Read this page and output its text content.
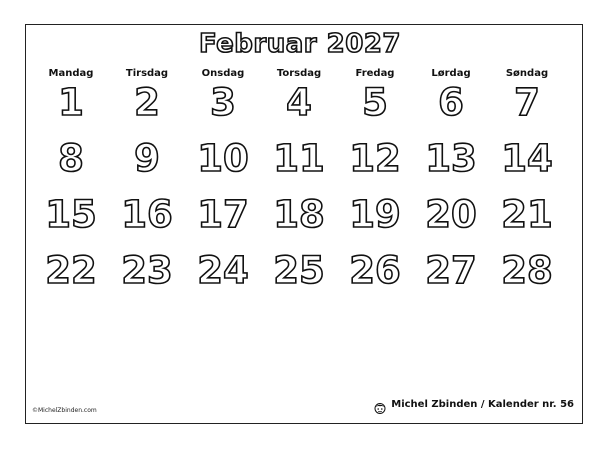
Februar 2027
Mandag	Tirsdag	Onsdag	Torsdag	Fredag	Lørdag	Søndag
1	2	3	4	5	6	7
8	9	10 11 12 13 14
15 16 17 18 19 20 21
22 23 24 25 26 27 28
©MichelZbinden.com
Michel Zbinden / Kalender nr. 56
